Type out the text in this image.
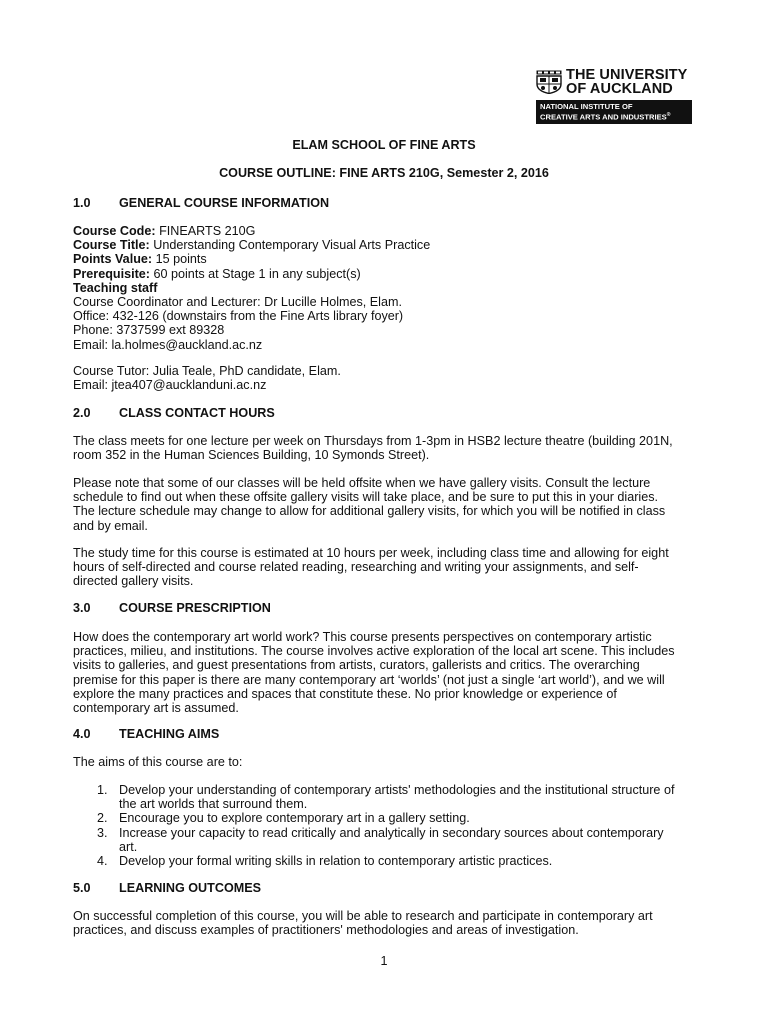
THE UNIVERSITY
OF AUCKLAND
NATIONAL INSTITUTE OF
CREATIVE ARTS AND INDUSTRIES®
ELAM SCHOOL OF FINE ARTS
COURSE OUTLINE: FINE ARTS 210G, Semester 2, 2016
1.0 GENERAL COURSE INFORMATION
Course Code: FINEARTS 210G
Course Title: Understanding Contemporary Visual Arts Practice
Points Value: 15 points
Prerequisite: 60 points at Stage 1 in any subject(s)
Teaching staff
Course Coordinator and Lecturer: Dr Lucille Holmes, Elam.
Office: 432-126 (downstairs from the Fine Arts library foyer)
Phone: 3737599 ext 89328
Email: la.holmes@auckland.ac.nz
Course Tutor: Julia Teale, PhD candidate, Elam.
Email: jtea407@aucklanduni.ac.nz
2.0 CLASS CONTACT HOURS
The class meets for one lecture per week on Thursdays from 1-3pm in HSB2 lecture theatre (building 201N,
room 352 in the Human Sciences Building, 10 Symonds Street).
Please note that some of our classes will be held offsite when we have gallery visits. Consult the lecture
schedule to find out when these offsite gallery visits will take place, and be sure to put this in your diaries.
The lecture schedule may change to allow for additional gallery visits, for which you will be notified in class
and by email.
The study time for this course is estimated at 10 hours per week, including class time and allowing for eight
hours of self-directed and course related reading, researching and writing your assignments, and self-
directed gallery visits.
3.0 COURSE PRESCRIPTION
How does the contemporary art world work? This course presents perspectives on contemporary artistic
practices, milieu, and institutions. The course involves active exploration of the local art scene. This includes
visits to galleries, and guest presentations from artists, curators, gallerists and critics. The overarching
premise for this paper is there are many contemporary art ‘worlds’ (not just a single ‘art world’), and we will
explore the many practices and spaces that constitute these. No prior knowledge or experience of
contemporary art is assumed.
4.0 TEACHING AIMS
The aims of this course are to:
1. Develop your understanding of contemporary artists' methodologies and the institutional structure of
the art worlds that surround them.
2. Encourage you to explore contemporary art in a gallery setting.
3. Increase your capacity to read critically and analytically in secondary sources about contemporary
art.
4. Develop your formal writing skills in relation to contemporary artistic practices.
5.0 LEARNING OUTCOMES
On successful completion of this course, you will be able to research and participate in contemporary art
practices, and discuss examples of practitioners' methodologies and areas of investigation.
1
